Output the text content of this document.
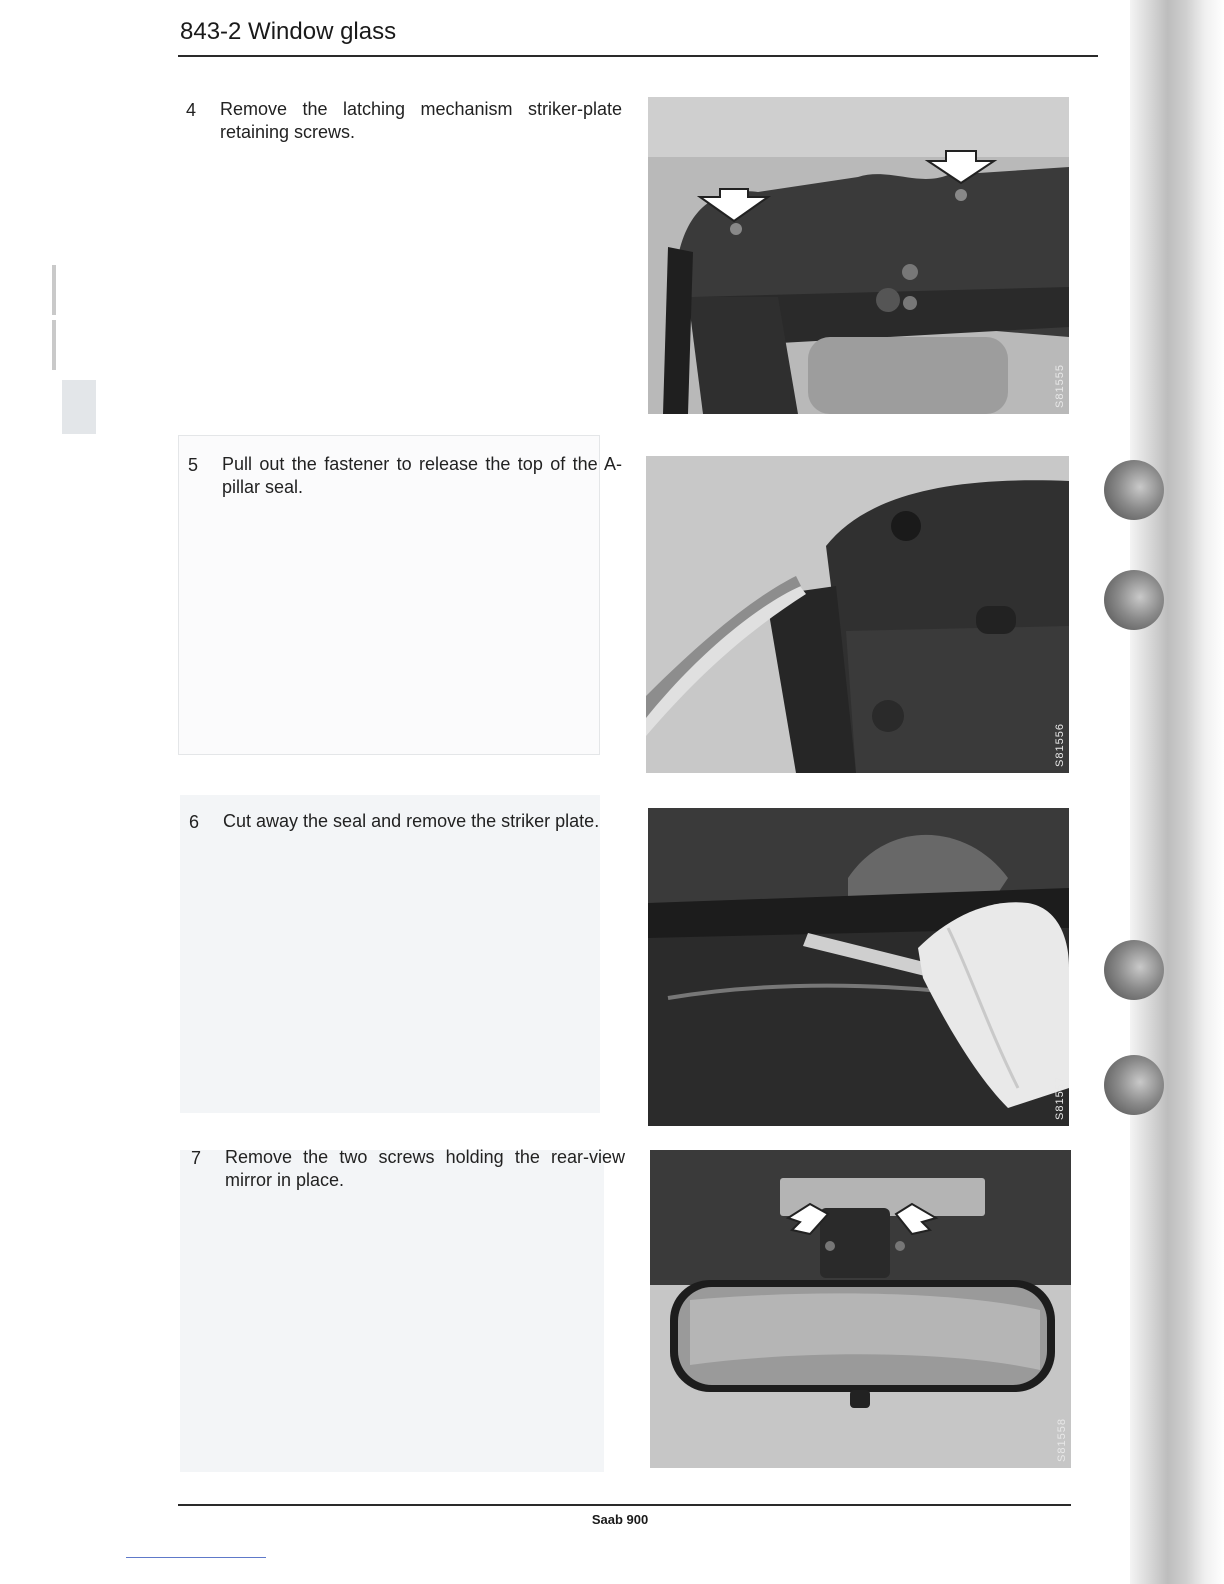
843-2 Window glass
4 Remove the latching mechanism striker-plate retaining screws.
S81555
5 Pull out the fastener to release the top of the A-pillar seal.
S81556
6 Cut away the seal and remove the striker plate.
S81557
7 Remove the two screws holding the rear-view mirror in place.
S81558
Saab 900
